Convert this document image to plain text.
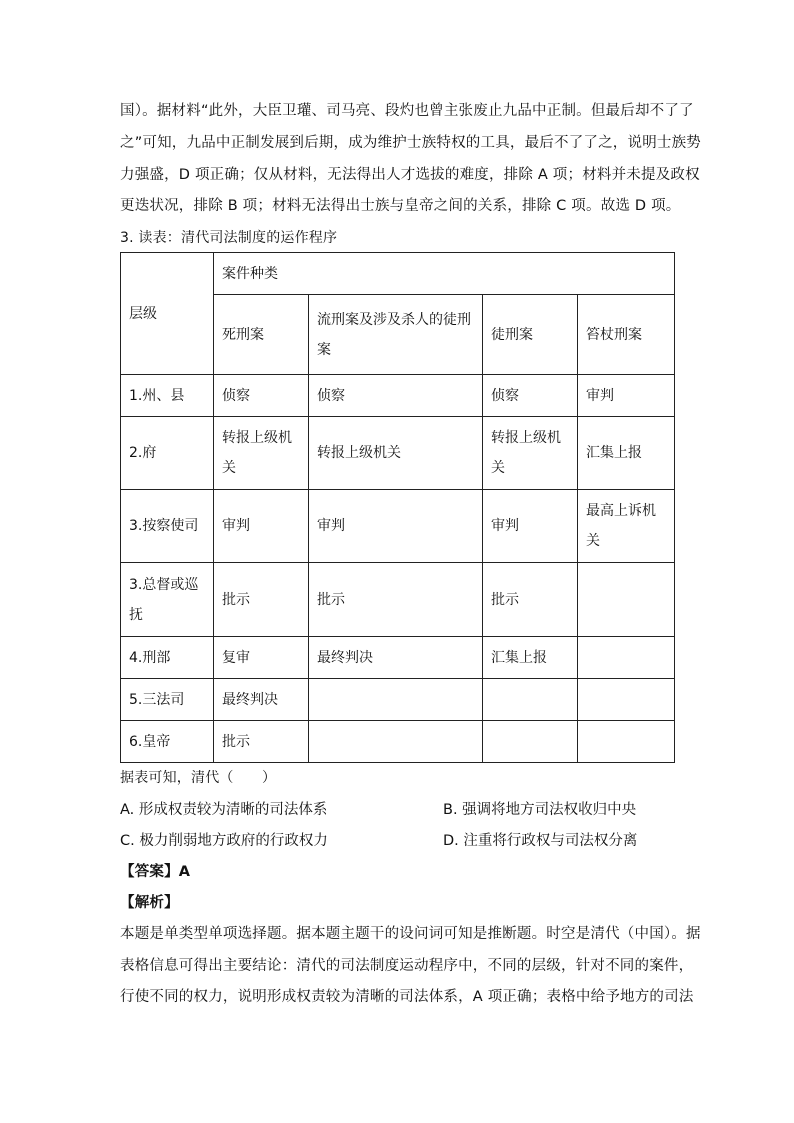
国）。据材料“此外，大臣卫瓘、司马亮、段灼也曾主张废止九品中正制。但最后却不了了
之”可知，九品中正制发展到后期，成为维护士族特权的工具，最后不了了之，说明士族势
力强盛，D 项正确；仅从材料，无法得出人才选拔的难度，排除 A 项；材料并未提及政权
更迭状况，排除 B 项；材料无法得出士族与皇帝之间的关系，排除 C 项。故选 D 项。
3. 读表：清代司法制度的运作程序
层级	案件种类			
	死刑案	流刑案及涉及杀人的徒刑案	徒刑案	笞杖刑案
1.州、县	侦察	侦察	侦察	审判
2.府	转报上级机关	转报上级机关	转报上级机关	汇集上报
3.按察使司	审判	审判	审判	最高上诉机关
3.总督或巡抚	批示	批示	批示	
4.刑部	复审	最终判决	汇集上报	
5.三法司	最终判决			
6.皇帝	批示			
据表可知，清代（　　）
A. 形成权责较为清晰的司法体系	B. 强调将地方司法权收归中央
C. 极力削弱地方政府的行政权力	D. 注重将行政权与司法权分离
【答案】A
【解析】
本题是单类型单项选择题。据本题主题干的设问词可知是推断题。时空是清代（中国）。据
表格信息可得出主要结论：清代的司法制度运动程序中，不同的层级，针对不同的案件，
行使不同的权力，说明形成权责较为清晰的司法体系，A 项正确；表格中给予地方的司法
